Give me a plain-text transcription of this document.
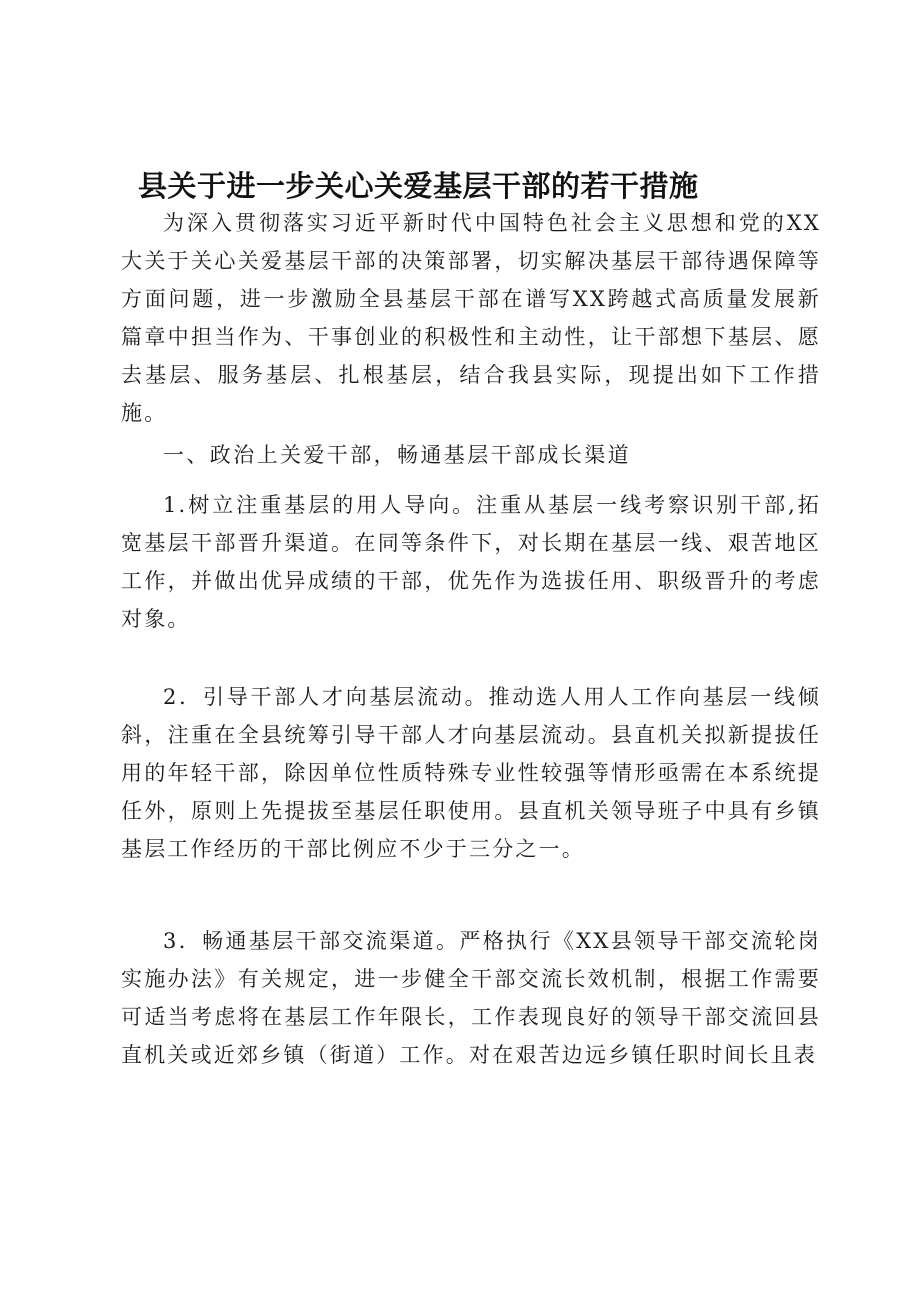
县关于进一步关心关爱基层干部的若干措施

为深入贯彻落实习近平新时代中国特色社会主义思想和党的XX大关于关心关爱基层干部的决策部署，切实解决基层干部待遇保障等方面问题，进一步激励全县基层干部在谱写XX跨越式高质量发展新篇章中担当作为、干事创业的积极性和主动性，让干部想下基层、愿去基层、服务基层、扎根基层，结合我县实际，现提出如下工作措施。

一、政治上关爱干部，畅通基层干部成长渠道

1.树立注重基层的用人导向。注重从基层一线考察识别干部,拓宽基层干部晋升渠道。在同等条件下，对长期在基层一线、艰苦地区工作，并做出优异成绩的干部，优先作为选拔任用、职级晋升的考虑对象。

2．引导干部人才向基层流动。推动选人用人工作向基层一线倾斜，注重在全县统筹引导干部人才向基层流动。县直机关拟新提拔任用的年轻干部，除因单位性质特殊专业性较强等情形亟需在本系统提任外，原则上先提拔至基层任职使用。县直机关领导班子中具有乡镇基层工作经历的干部比例应不少于三分之一。

3．畅通基层干部交流渠道。严格执行《XX县领导干部交流轮岗实施办法》有关规定，进一步健全干部交流长效机制，根据工作需要可适当考虑将在基层工作年限长，工作表现良好的领导干部交流回县直机关或近郊乡镇（街道）工作。对在艰苦边远乡镇任职时间长且表
